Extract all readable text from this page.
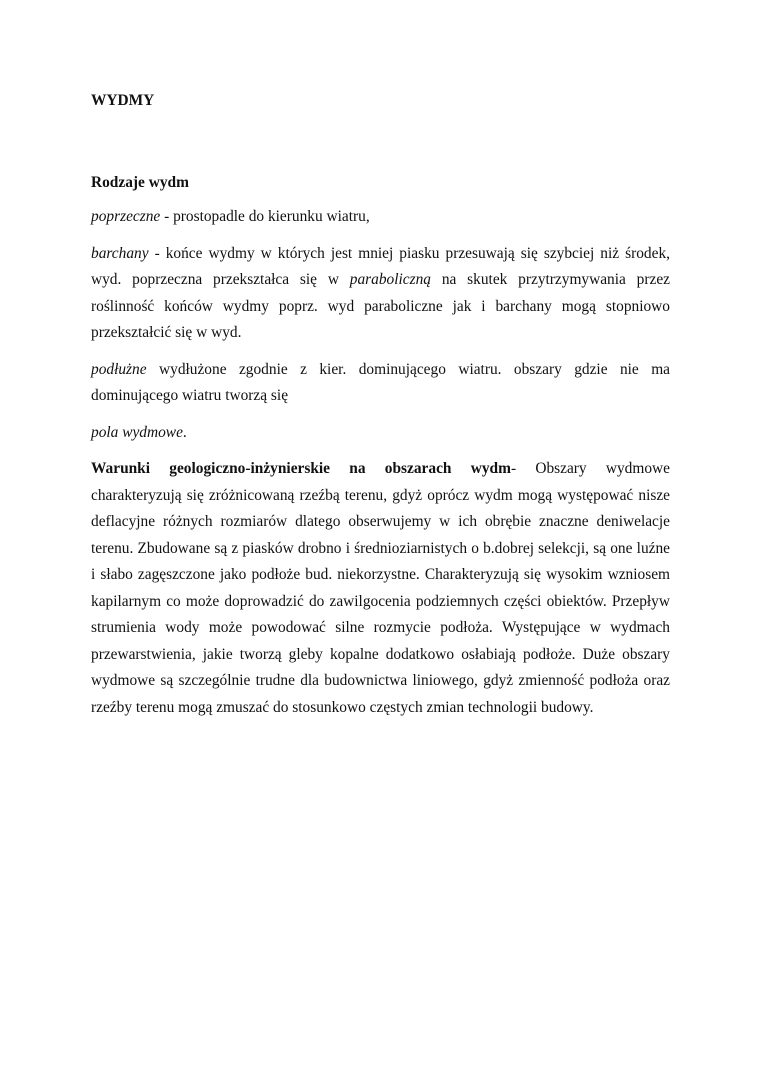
WYDMY

Rodzaje wydm

poprzeczne - prostopadle do kierunku wiatru,

barchany - końce wydmy w których jest mniej piasku przesuwają się szybciej niż środek, wyd. poprzeczna przekształca się w paraboliczną na skutek przytrzymywania przez roślinność końców wydmy poprz. wyd paraboliczne jak i barchany mogą stopniowo przekształcić się w wyd.

podłużne wydłużone zgodnie z kier. dominującego wiatru. obszary gdzie nie ma dominującego wiatru tworzą się

pola wydmowe.

Warunki geologiczno-inżynierskie na obszarach wydm- Obszary wydmowe charakteryzują się zróżnicowaną rzeźbą terenu, gdyż oprócz wydm mogą występować nisze deflacyjne różnych rozmiarów dlatego obserwujemy w ich obrębie znaczne deniwelacje terenu. Zbudowane są z piasków drobno i średnioziarnistych o b.dobrej selekcji, są one luźne i słabo zagęszczone jako podłoże bud. niekorzystne. Charakteryzują się wysokim wzniosem kapilarnym co może doprowadzić do zawilgocenia podziemnych części obiektów. Przepływ strumienia wody może powodować silne rozmycie podłoża. Występujące w wydmach przewarstwienia, jakie tworzą gleby kopalne dodatkowo osłabiają podłoże. Duże obszary wydmowe są szczególnie trudne dla budownictwa liniowego, gdyż zmienność podłoża oraz rzeźby terenu mogą zmuszać do stosunkowo częstych zmian technologii budowy.
